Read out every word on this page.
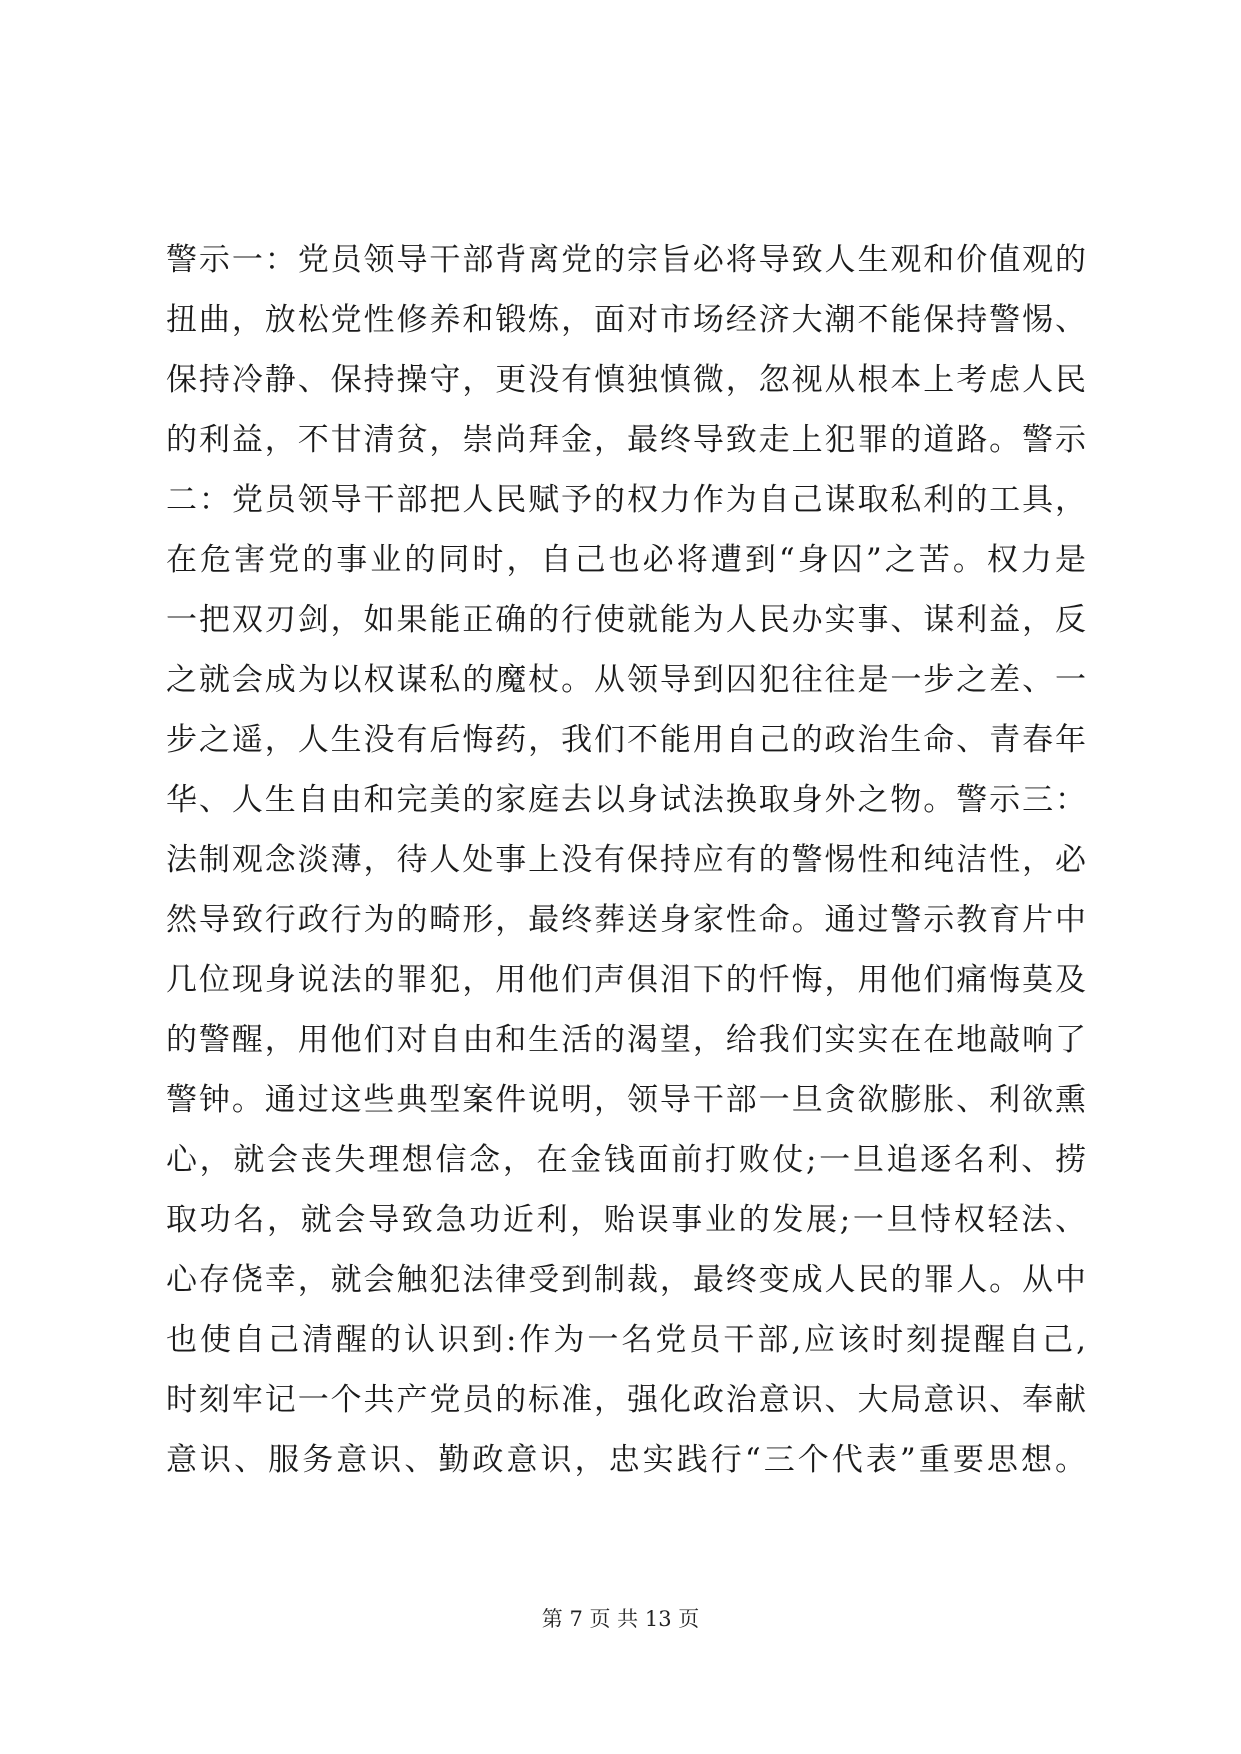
警示一：党员领导干部背离党的宗旨必将导致人生观和价值观的
扭曲，放松党性修养和锻炼，面对市场经济大潮不能保持警惕、
保持冷静、保持操守，更没有慎独慎微，忽视从根本上考虑人民
的利益，不甘清贫，崇尚拜金，最终导致走上犯罪的道路。警示
二：党员领导干部把人民赋予的权力作为自己谋取私利的工具，
在危害党的事业的同时，自己也必将遭到“身囚”之苦。权力是
一把双刃剑，如果能正确的行使就能为人民办实事、谋利益，反
之就会成为以权谋私的魔杖。从领导到囚犯往往是一步之差、一
步之遥，人生没有后悔药，我们不能用自己的政治生命、青春年
华、人生自由和完美的家庭去以身试法换取身外之物。警示三：
法制观念淡薄，待人处事上没有保持应有的警惕性和纯洁性，必
然导致行政行为的畸形，最终葬送身家性命。通过警示教育片中
几位现身说法的罪犯，用他们声俱泪下的忏悔，用他们痛悔莫及
的警醒，用他们对自由和生活的渴望，给我们实实在在地敲响了
警钟。通过这些典型案件说明，领导干部一旦贪欲膨胀、利欲熏
心，就会丧失理想信念，在金钱面前打败仗;一旦追逐名利、捞
取功名，就会导致急功近利，贻误事业的发展;一旦恃权轻法、
心存侥幸，就会触犯法律受到制裁，最终变成人民的罪人。从中
也使自己清醒的认识到:作为一名党员干部,应该时刻提醒自己,
时刻牢记一个共产党员的标准，强化政治意识、大局意识、奉献
意识、服务意识、勤政意识，忠实践行“三个代表”重要思想。
第 7 页 共 13 页
